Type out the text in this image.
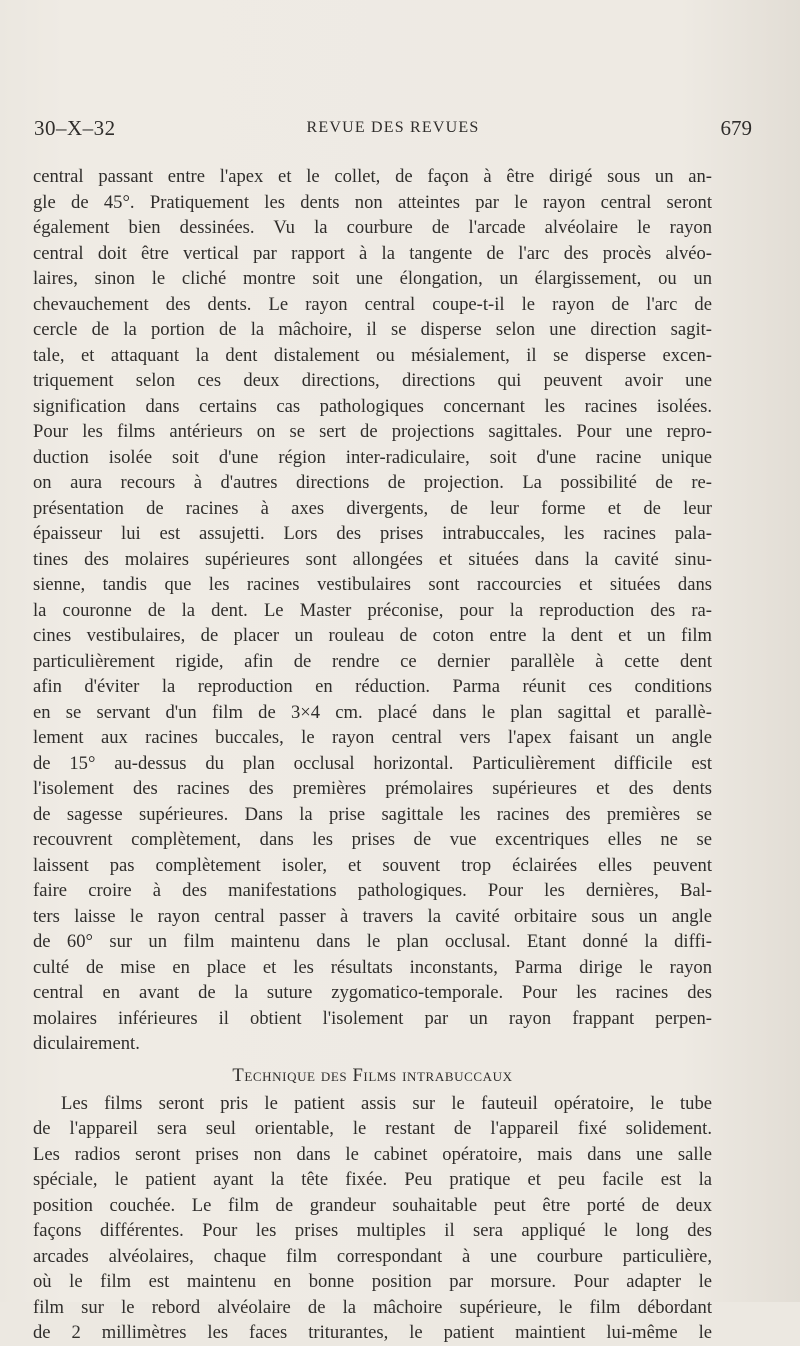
30–X–32	REVUE DES REVUES	679
central passant entre l'apex et le collet, de façon à être dirigé sous un an-
gle de 45°. Pratiquement les dents non atteintes par le rayon central seront
également bien dessinées. Vu la courbure de l'arcade alvéolaire le rayon
central doit être vertical par rapport à la tangente de l'arc des procès alvéo-
laires, sinon le cliché montre soit une élongation, un élargissement, ou un
chevauchement des dents. Le rayon central coupe-t-il le rayon de l'arc de
cercle de la portion de la mâchoire, il se disperse selon une direction sagit-
tale, et attaquant la dent distalement ou mésialement, il se disperse excen-
triquement selon ces deux directions, directions qui peuvent avoir une
signification dans certains cas pathologiques concernant les racines isolées.
Pour les films antérieurs on se sert de projections sagittales. Pour une repro-
duction isolée soit d'une région inter-radiculaire, soit d'une racine unique
on aura recours à d'autres directions de projection. La possibilité de re-
présentation de racines à axes divergents, de leur forme et de leur
épaisseur lui est assujetti. Lors des prises intrabuccales, les racines pala-
tines des molaires supérieures sont allongées et situées dans la cavité sinu-
sienne, tandis que les racines vestibulaires sont raccourcies et situées dans
la couronne de la dent. Le Master préconise, pour la reproduction des ra-
cines vestibulaires, de placer un rouleau de coton entre la dent et un film
particulièrement rigide, afin de rendre ce dernier parallèle à cette dent
afin d'éviter la reproduction en réduction. Parma réunit ces conditions
en se servant d'un film de 3×4 cm. placé dans le plan sagittal et parallè-
lement aux racines buccales, le rayon central vers l'apex faisant un angle
de 15° au-dessus du plan occlusal horizontal. Particulièrement difficile est
l'isolement des racines des premières prémolaires supérieures et des dents
de sagesse supérieures. Dans la prise sagittale les racines des premières se
recouvrent complètement, dans les prises de vue excentriques elles ne se
laissent pas complètement isoler, et souvent trop éclairées elles peuvent
faire croire à des manifestations pathologiques. Pour les dernières, Bal-
ters laisse le rayon central passer à travers la cavité orbitaire sous un angle
de 60° sur un film maintenu dans le plan occlusal. Etant donné la diffi-
culté de mise en place et les résultats inconstants, Parma dirige le rayon
central en avant de la suture zygomatico-temporale. Pour les racines des
molaires inférieures il obtient l'isolement par un rayon frappant perpen-
diculairement.
Technique des Films intrabuccaux
Les films seront pris le patient assis sur le fauteuil opératoire, le tube
de l'appareil sera seul orientable, le restant de l'appareil fixé solidement.
Les radios seront prises non dans le cabinet opératoire, mais dans une salle
spéciale, le patient ayant la tête fixée. Peu pratique et peu facile est la
position couchée. Le film de grandeur souhaitable peut être porté de deux
façons différentes. Pour les prises multiples il sera appliqué le long des
arcades alvéolaires, chaque film correspondant à une courbure particulière,
où le film est maintenu en bonne position par morsure. Pour adapter le
film sur le rebord alvéolaire de la mâchoire supérieure, le film débordant
de 2 millimètres les faces triturantes, le patient maintient lui-même le
